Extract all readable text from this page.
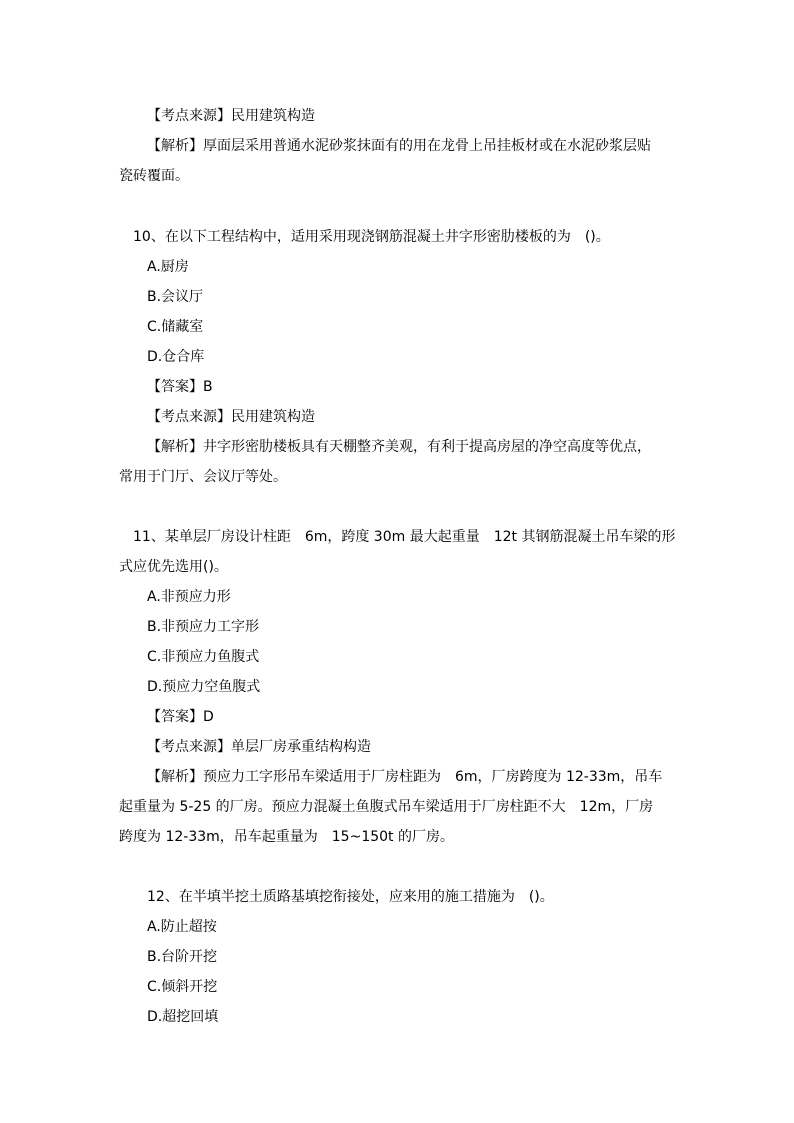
【考点来源】民用建筑构造
【解析】厚面层采用普通水泥砂浆抹面有的用在龙骨上吊挂板材或在水泥砂浆层贴
瓷砖覆面。
10、在以下工程结构中，适用采用现浇钢筋混凝土井字形密肋楼板的为　()。
A.厨房
B.会议厅
C.储藏室
D.仓合库
【答案】B
【考点来源】民用建筑构造
【解析】井字形密肋楼板具有天棚整齐美观，有利于提高房屋的净空高度等优点，
常用于门厅、会议厅等处。
11、某单层厂房设计柱距　6m，跨度 30m 最大起重量　12t 其钢筋混凝土吊车梁的形
式应优先选用()。
A.非预应力形
B.非预应力工字形
C.非预应力鱼腹式
D.预应力空鱼腹式
【答案】D
【考点来源】单层厂房承重结构构造
【解析】预应力工字形吊车梁适用于厂房柱距为　6m，厂房跨度为 12-33m，吊车
起重量为 5-25 的厂房。预应力混凝土鱼腹式吊车梁适用于厂房柱距不大　12m，厂房
跨度为 12-33m，吊车起重量为　15~150t 的厂房。
12、在半填半挖土质路基填挖衔接处，应来用的施工措施为　()。
A.防止超按
B.台阶开挖
C.倾斜开挖
D.超挖回填
